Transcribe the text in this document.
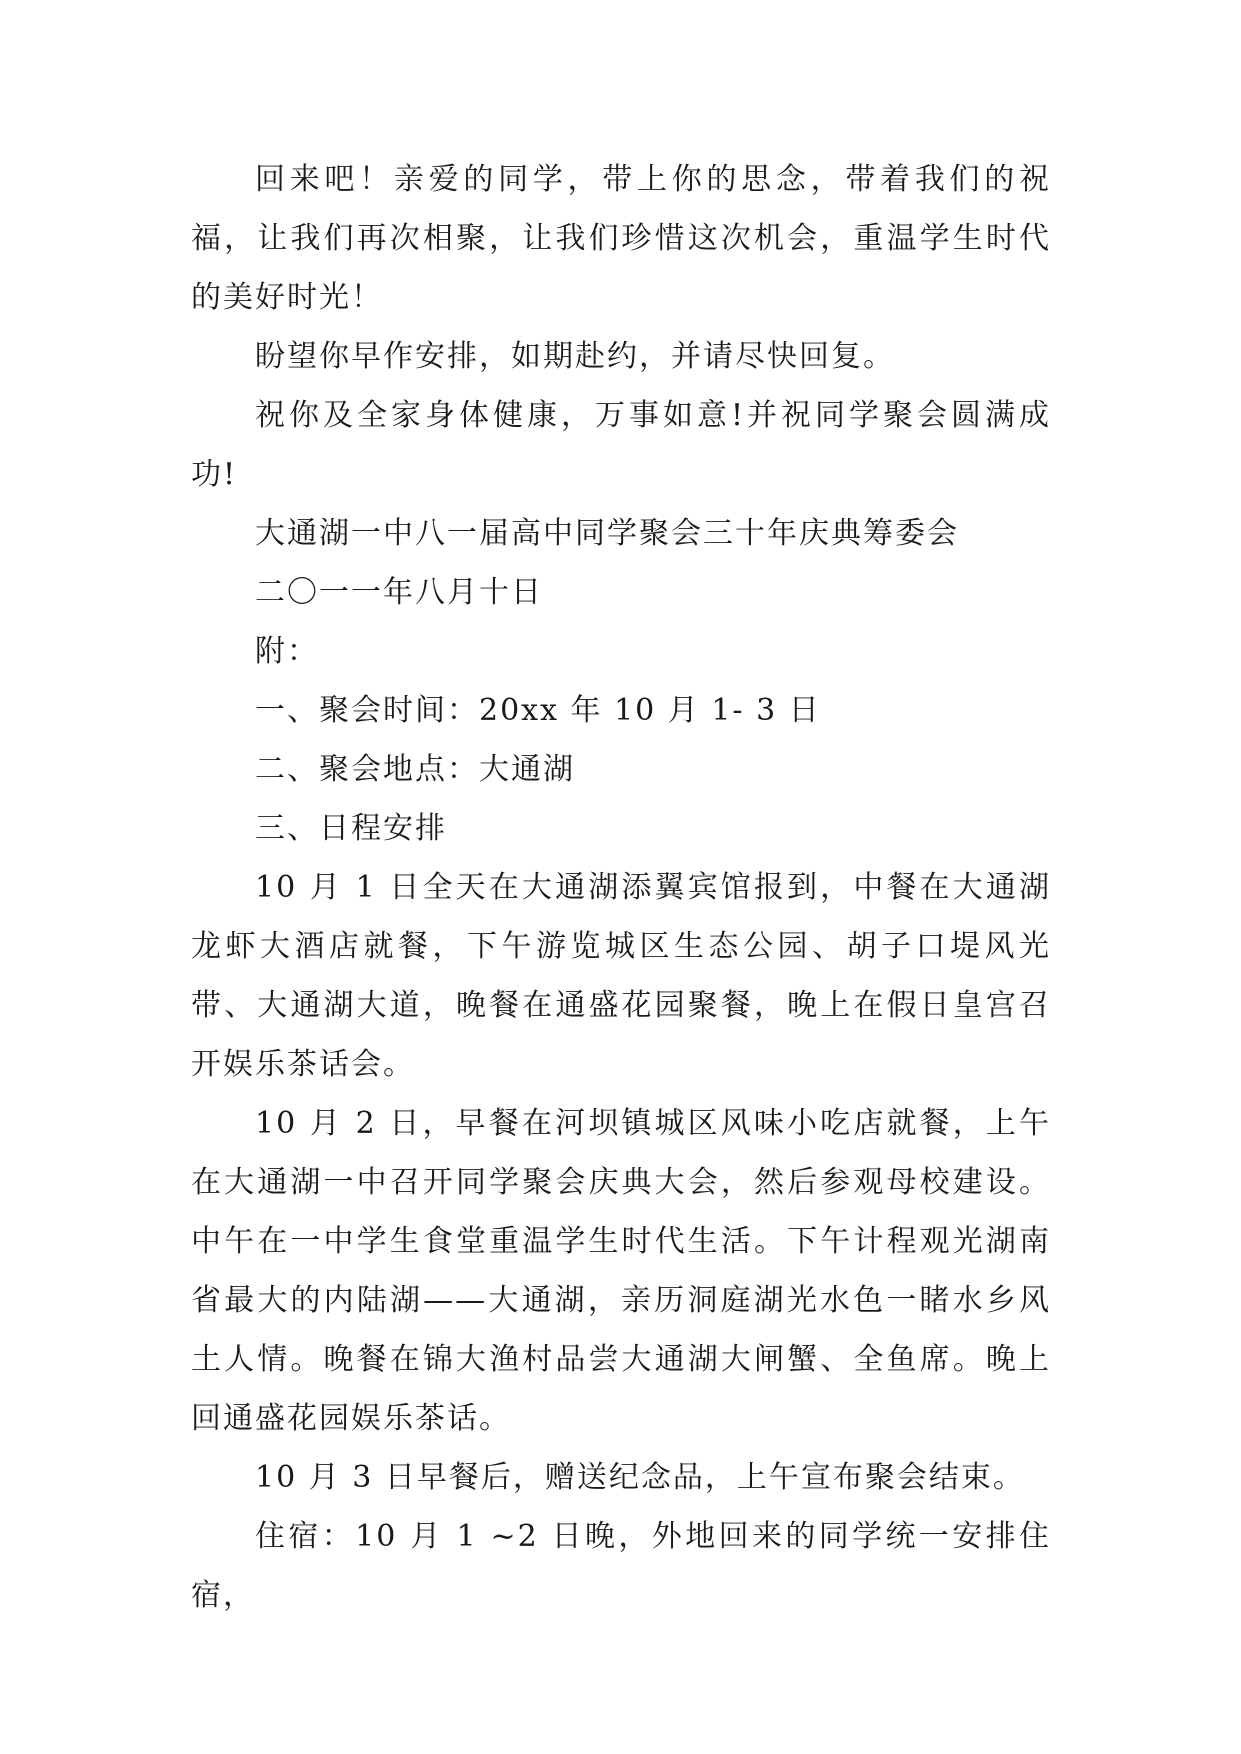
回来吧！亲爱的同学，带上你的思念，带着我们的祝福，让我们再次相聚，让我们珍惜这次机会，重温学生时代的美好时光！

盼望你早作安排，如期赴约，并请尽快回复。

祝你及全家身体健康，万事如意!并祝同学聚会圆满成功!

大通湖一中八一届高中同学聚会三十年庆典筹委会

二〇一一年八月十日

附：

一、聚会时间：20xx 年 10 月 1- 3 日

二、聚会地点：大通湖

三、日程安排

10 月 1 日全天在大通湖添翼宾馆报到，中餐在大通湖龙虾大酒店就餐，下午游览城区生态公园、胡子口堤风光带、大通湖大道，晚餐在通盛花园聚餐，晚上在假日皇宫召开娱乐茶话会。

10 月 2 日，早餐在河坝镇城区风味小吃店就餐，上午在大通湖一中召开同学聚会庆典大会，然后参观母校建设。中午在一中学生食堂重温学生时代生活。下午计程观光湖南省最大的内陆湖——大通湖，亲历洞庭湖光水色一睹水乡风土人情。晚餐在锦大渔村品尝大通湖大闸蟹、全鱼席。晚上回通盛花园娱乐茶话。

10 月 3 日早餐后，赠送纪念品，上午宣布聚会结束。

住宿：10 月 1 ~2 日晚，外地回来的同学统一安排住宿，
